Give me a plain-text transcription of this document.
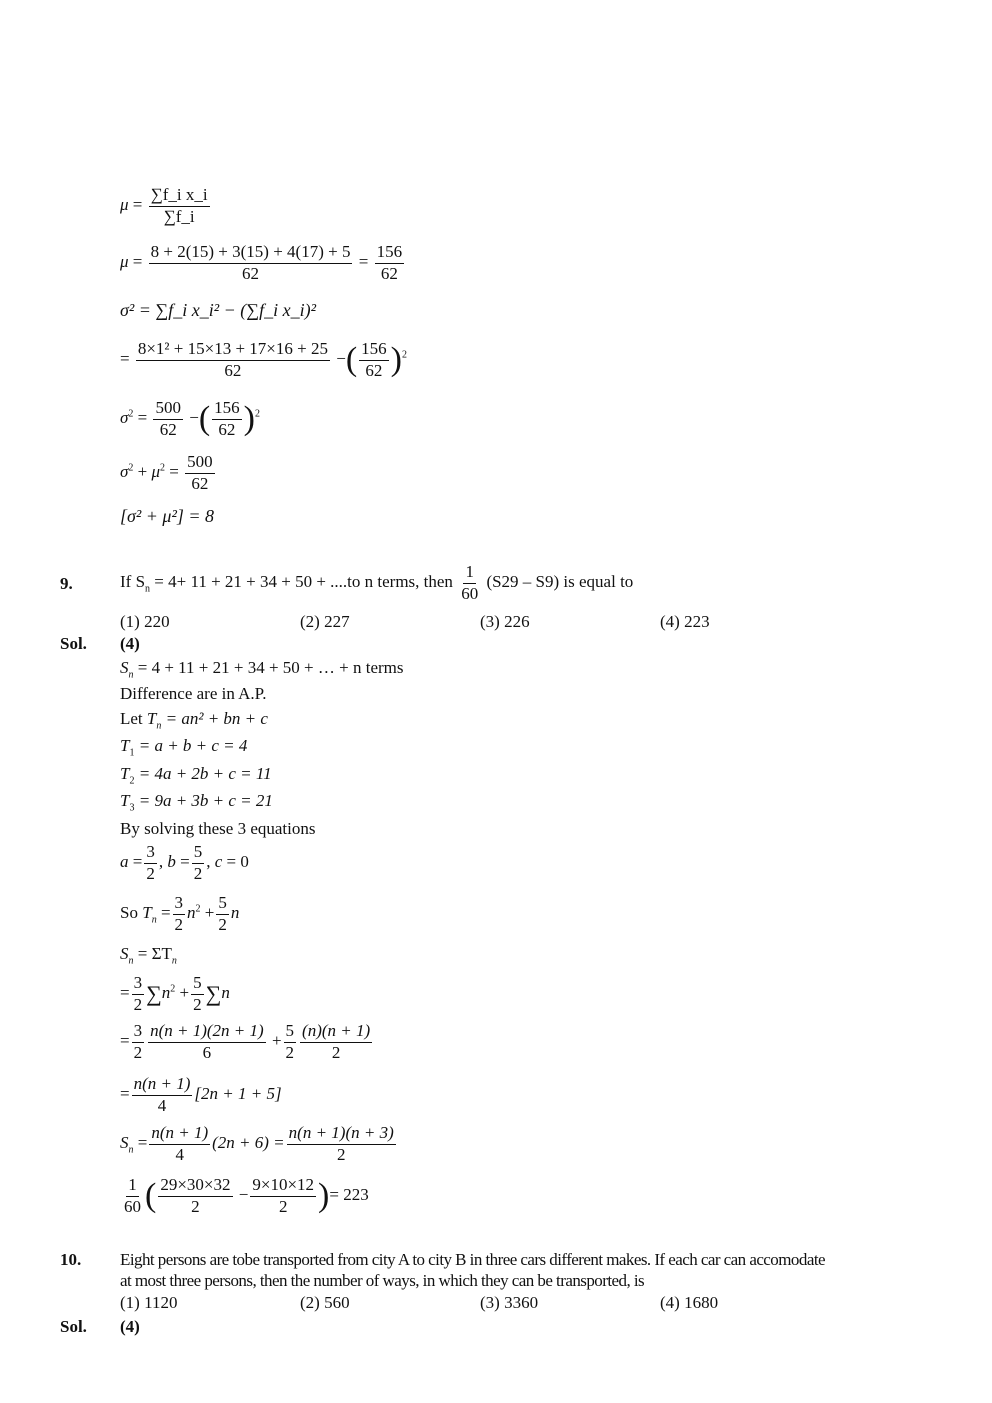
$\mu = \frac{\text{∑f\_i x\_i}}{\sum f\_i}$
$\mu = \frac{8 + 2(15) + 3(15) + 4(17) + 5}{62} = \frac{156}{62}$
σ² = ∑f_i x_i² − (∑f_i x_i)²
= $\frac{\text{8×1² + 15×13 + 17×16 + 25}}{62}$ −( $\frac{156}{62} )^2$
$\sigma^2 = \frac{500}{62}$ −( $\frac{156}{62} )^2$
$\sigma^2 + \mu^2 = \frac{500}{62}$
[σ² + μ²] = 8
9.	If $S_n = 4+ 11 + 21 + 34 + 50 + ....to$ n terms, then $\frac{1}{60} (S29 - S9)$ is equal to
(1) 220	(2) 227	(3) 226	(4) 223
Sol. (4)
$S_n = 4 + 11 + 21 + 34 + 50$ + … + n terms
Difference are in A.P.
Let $T_n = an^2$ + bn + c
$T_1 = a + b + c = 4$
$T_2 = 4a + 2b + c = 11$
$T_3 = 9a + 3b + c = 21$
By solving these 3 equations
$a = \frac{3}{2}$ , $b = \frac{5}{2}$ , c = 0
So $T_n = \frac{3}{2} n^2 + \frac{5}{2}$ n
$S_n = \Sigma T_n$
= $\frac{3}{2} \sum n^2 + \frac{5}{2} \sum n$
= $\frac{3}{2} \frac{n(n + 1)(2n + 1)}{6} + \frac{5}{2} \frac{(n)(n + 1)}{2}$
= $\frac{n(n + 1)}{4} [2n + 1 + 5]$
$S_n = \frac{n(n + 1)}{4} (2n + 6) = \frac{n(n + 1)(n + 3)}{2}$
$\frac{1}{60}$ ( $\frac{29\times 30\times 32}{2} - \frac{9\times 10\times 12}{2}$ )= 223
10. Eight persons are tobe transported from city A to city B in three cars different makes. If each car can accomodate
at most three persons, then the number of ways, in which they can be transported, is
(1) 1120	(2) 560	(3) 3360	(4) 1680
Sol. (4)
